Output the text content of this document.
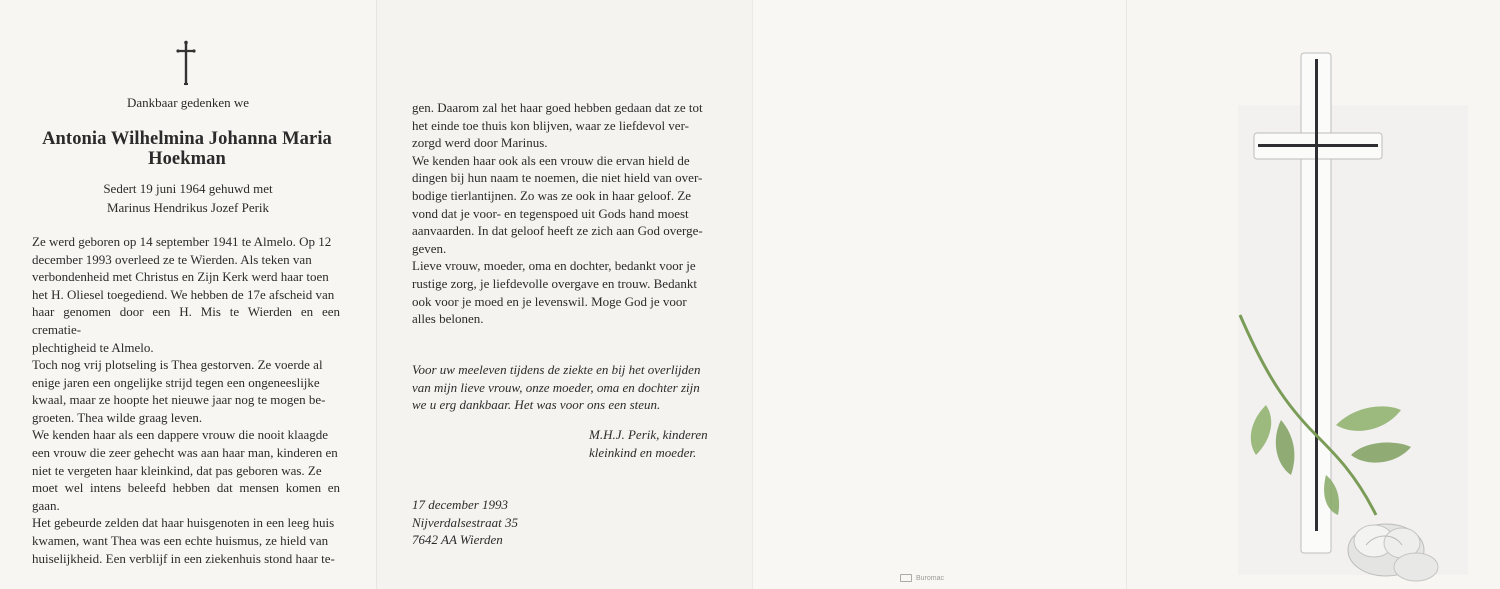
Dankbaar gedenken we
Antonia Wilhelmina Johanna Maria
Hoekman
Sedert 19 juni 1964 gehuwd met
Marinus Hendrikus Jozef Perik

Ze werd geboren op 14 september 1941 te Almelo. Op 12

december 1993 overleed ze te Wierden. Als teken van

verbondenheid met Christus en Zijn Kerk werd haar toen

het H. Oliesel toegediend. We hebben de 17e afscheid van

haar genomen door een H. Mis te Wierden en een crematie-

plechtigheid te Almelo.

Toch nog vrij plotseling is Thea gestorven. Ze voerde al

enige jaren een ongelijke strijd tegen een ongeneeslijke

kwaal, maar ze hoopte het nieuwe jaar nog te mogen be-

groeten. Thea wilde graag leven.

We kenden haar als een dappere vrouw die nooit klaagde

een vrouw die zeer gehecht was aan haar man, kinderen en

niet te vergeten haar kleinkind, dat pas geboren was. Ze

moet wel intens beleefd hebben dat mensen komen en gaan.

Het gebeurde zelden dat haar huisgenoten in een leeg huis

kwamen, want Thea was een echte huismus, ze hield van

huiselijkheid. Een verblijf in een ziekenhuis stond haar te-

gen. Daarom zal het haar goed hebben gedaan dat ze tot

het einde toe thuis kon blijven, waar ze liefdevol ver-

zorgd werd door Marinus.

We kenden haar ook als een vrouw die ervan hield de

dingen bij hun naam te noemen, die niet hield van over-

bodige tierlantijnen. Zo was ze ook in haar geloof. Ze

vond dat je voor- en tegenspoed uit Gods hand moest

aanvaarden. In dat geloof heeft ze zich aan God overge-

geven.

Lieve vrouw, moeder, oma en dochter, bedankt voor je

rustige zorg, je liefdevolle overgave en trouw. Bedankt

ook voor je moed en je levenswil. Moge God je voor

alles belonen.

Voor uw meeleven tijdens de ziekte en bij het overlijden

van mijn lieve vrouw, onze moeder, oma en dochter zijn

we u erg dankbaar. Het was voor ons een steun.

M.H.J. Perik, kinderen

kleinkind en moeder.

17 december 1993

Nijverdalsestraat 35

7642 AA Wierden

Buromac
